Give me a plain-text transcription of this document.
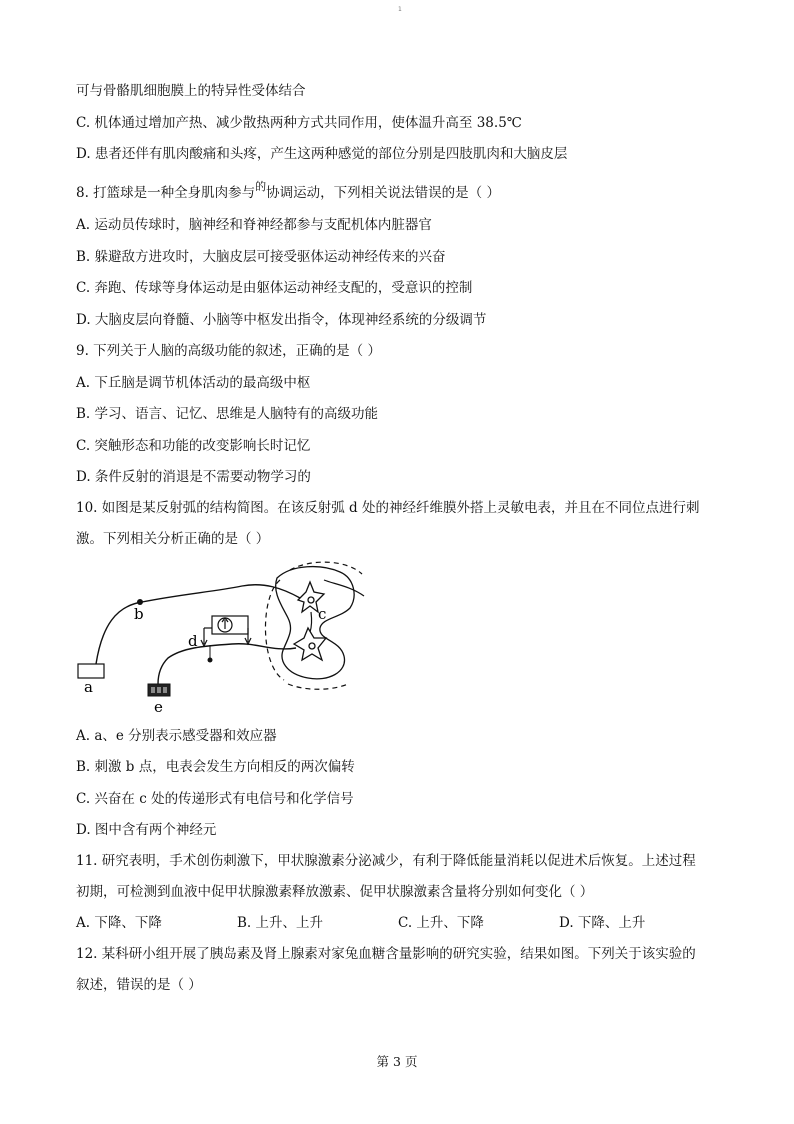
1
可与骨骼肌细胞膜上的特异性受体结合
C. 机体通过增加产热、减少散热两种方式共同作用，使体温升高至 38.5℃
D. 患者还伴有肌肉酸痛和头疼，产生这两种感觉的部位分别是四肢肌肉和大脑皮层
8. 打篮球是一种全身肌肉参与$^的$协调运动，下列相关说法错误的是（ ）
A. 运动员传球时，脑神经和脊神经都参与支配机体内脏器官
B. 躲避敌方进攻时，大脑皮层可接受驱体运动神经传来的兴奋
C. 奔跑、传球等身体运动是由躯体运动神经支配的，受意识的控制
D. 大脑皮层向脊髓、小脑等中枢发出指令，体现神经系统的分级调节
9. 下列关于人脑的高级功能的叙述，正确的是（ ）
A. 下丘脑是调节机体活动的最高级中枢
B. 学习、语言、记忆、思维是人脑特有的高级功能
C. 突触形态和功能的改变影响长时记忆
D. 条件反射的消退是不需要动物学习的
10. 如图是某反射弧的结构简图。在该反射弧 d 处的神经纤维膜外搭上灵敏电表，并且在不同位点进行刺
激。下列相关分析正确的是（ ）
a
b	c
d
e
A. a、e 分别表示感受器和效应器
B. 刺激 b 点，电表会发生方向相反的两次偏转
C. 兴奋在 c 处的传递形式有电信号和化学信号
D. 图中含有两个神经元
11. 研究表明，手术创伤刺激下，甲状腺激素分泌减少，有利于降低能量消耗以促进术后恢复。上述过程
初期，可检测到血液中促甲状腺激素释放激素、促甲状腺激素含量将分别如何变化（ ）
A. 下降、下降	B. 上升、上升	C. 上升、下降	D. 下降、上升
12. 某科研小组开展了胰岛素及肾上腺素对家兔血糖含量影响的研究实验，结果如图。下列关于该实验的
叙述，错误的是（ ）
第 3 页
